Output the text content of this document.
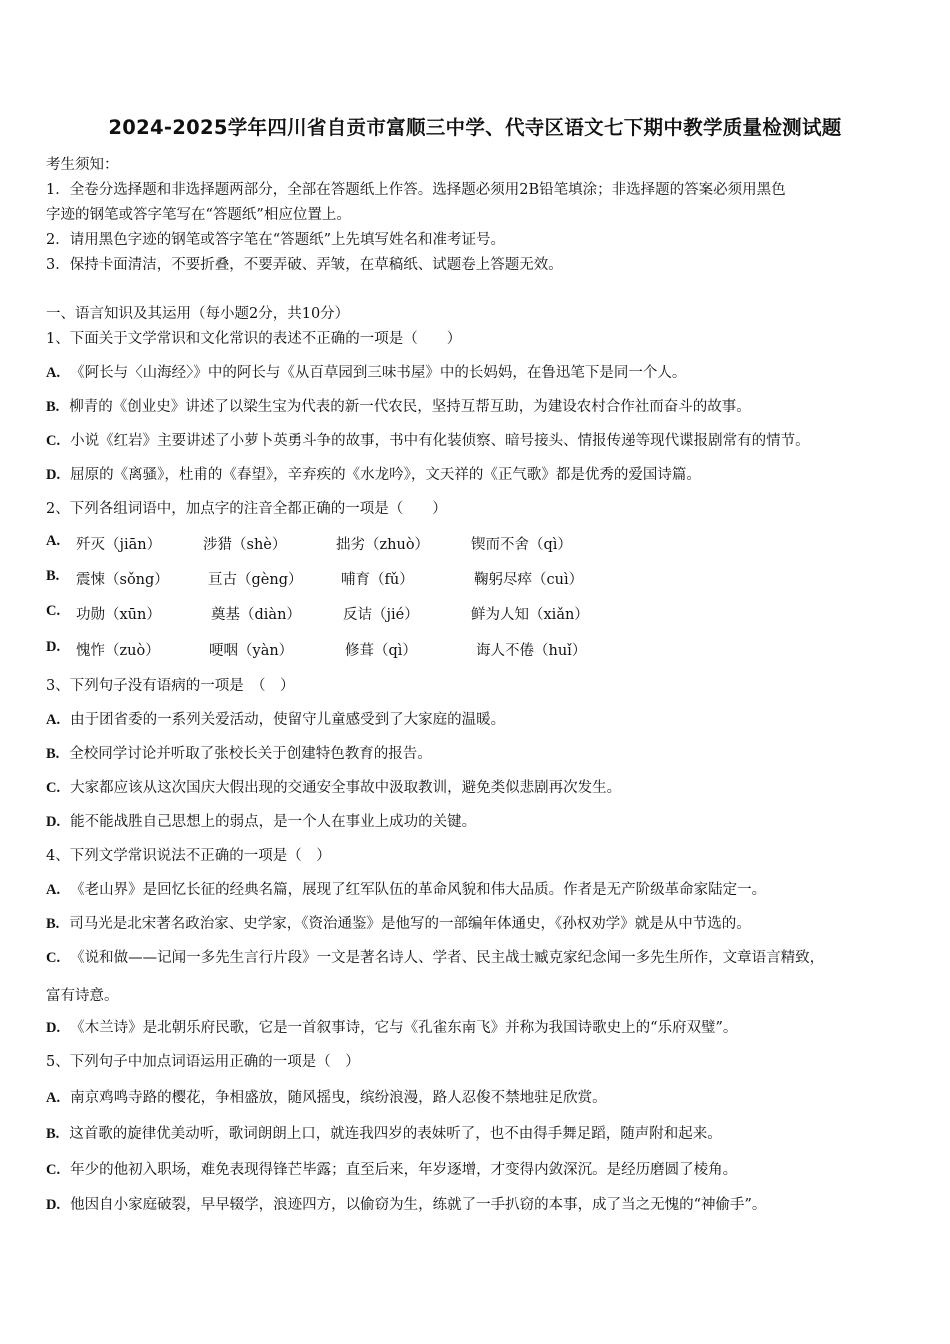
2024-2025学年四川省自贡市富顺三中学、代寺区语文七下期中教学质量检测试题
考生须知：
1．全卷分选择题和非选择题两部分，全部在答题纸上作答。选择题必须用2B铅笔填涂；非选择题的答案必须用黑色
字迹的钢笔或答字笔写在“答题纸”相应位置上。
2．请用黑色字迹的钢笔或答字笔在“答题纸”上先填写姓名和准考证号。
3．保持卡面清洁，不要折叠，不要弄破、弄皱，在草稿纸、试题卷上答题无效。
一、语言知识及其运用（每小题2分，共10分）
1、下面关于文学常识和文化常识的表述不正确的一项是（　　）
A. 《阿长与〈山海经〉》中的阿长与《从百草园到三味书屋》中的长妈妈，在鲁迅笔下是同一个人。
B. 柳青的《创业史》讲述了以梁生宝为代表的新一代农民，坚持互帮互助，为建设农村合作社而奋斗的故事。
C. 小说《红岩》主要讲述了小萝卜英勇斗争的故事，书中有化装侦察、暗号接头、情报传递等现代谍报剧常有的情节。
D. 屈原的《离骚》，杜甫的《春望》，辛弃疾的《水龙吟》，文天祥的《正气歌》都是优秀的爱国诗篇。
2、下列各组词语中，加点字的注音全都正确的一项是（　　）
A.	歼灭（jiān）	涉猎（shè）	拙劣（zhuò）	锲而不舍（qì）
B.	震悚（sǒng）	亘古（gèng）	哺育（fǔ）	鞠躬尽瘁（cuì）
C.	功勋（xūn）	奠基（diàn）	反诘（jié）	鲜为人知（xiǎn）
D.	愧怍（zuò）	哽咽（yàn）	修葺（qì）	诲人不倦（huǐ）
3、下列句子没有语病的一项是　（　）
A. 由于团省委的一系列关爱活动，使留守儿童感受到了大家庭的温暖。
B. 全校同学讨论并听取了张校长关于创建特色教育的报告。
C. 大家都应该从这次国庆大假出现的交通安全事故中汲取教训，避免类似悲剧再次发生。
D. 能不能战胜自己思想上的弱点，是一个人在事业上成功的关键。
4、下列文学常识说法不正确的一项是（　）
A. 《老山界》是回忆长征的经典名篇，展现了红军队伍的革命风貌和伟大品质。作者是无产阶级革命家陆定一。
B. 司马光是北宋著名政治家、史学家，《资治通鉴》是他写的一部编年体通史，《孙权劝学》就是从中节选的。
C. 《说和做——记闻一多先生言行片段》一文是著名诗人、学者、民主战士臧克家纪念闻一多先生所作，文章语言精致，
富有诗意。
D. 《木兰诗》是北朝乐府民歌，它是一首叙事诗，它与《孔雀东南飞》并称为我国诗歌史上的“乐府双璧”。
5、下列句子中加点词语运用正确的一项是（　）
A. 南京鸡鸣寺路的樱花，争相盛放，随风摇曳，缤纷浪漫，路人忍俊不禁地驻足欣赏。
B. 这首歌的旋律优美动听，歌词朗朗上口，就连我四岁的表妹听了，也不由得手舞足蹈，随声附和起来。
C. 年少的他初入职场，难免表现得锋芒毕露；直至后来，年岁逐增，才变得内敛深沉。是经历磨圆了棱角。
D. 他因自小家庭破裂，早早辍学，浪迹四方，以偷窃为生，练就了一手扒窃的本事，成了当之无愧的“神偷手”。
